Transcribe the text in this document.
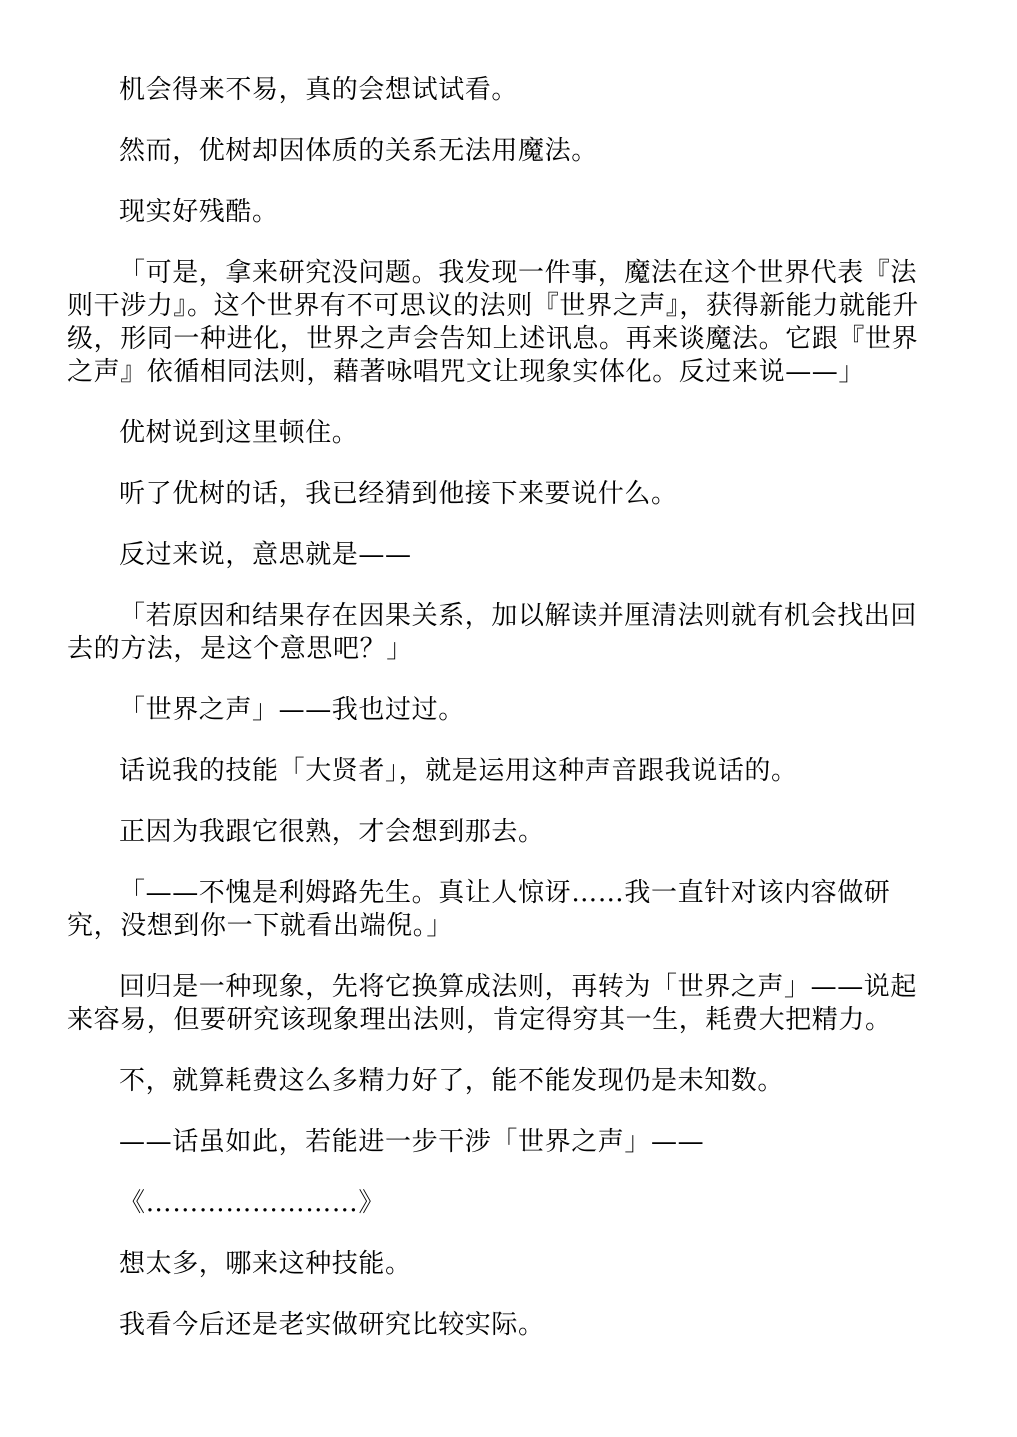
机会得来不易，真的会想试试看。

然而，优树却因体质的关系无法用魔法。

现实好残酷。

「可是，拿来研究没问题。我发现一件事，魔法在这个世界代表『法则干涉力』。这个世界有不可思议的法则『世界之声』，获得新能力就能升级，形同一种进化，世界之声会告知上述讯息。再来谈魔法。它跟『世界之声』依循相同法则，藉著咏唱咒文让现象实体化。反过来说——」

优树说到这里顿住。

听了优树的话，我已经猜到他接下来要说什么。

反过来说，意思就是——

「若原因和结果存在因果关系，加以解读并厘清法则就有机会找出回去的方法，是这个意思吧？」

「世界之声」——我也过过。

话说我的技能「大贤者」，就是运用这种声音跟我说话的。

正因为我跟它很熟，才会想到那去。

「——不愧是利姆路先生。真让人惊讶……我一直针对该内容做研究，没想到你一下就看出端倪。」

回归是一种现象，先将它换算成法则，再转为「世界之声」——说起来容易，但要研究该现象理出法则，肯定得穷其一生，耗费大把精力。

不，就算耗费这么多精力好了，能不能发现仍是未知数。

——话虽如此，若能进一步干涉「世界之声」——

《……………………》

想太多，哪来这种技能。

我看今后还是老实做研究比较实际。
